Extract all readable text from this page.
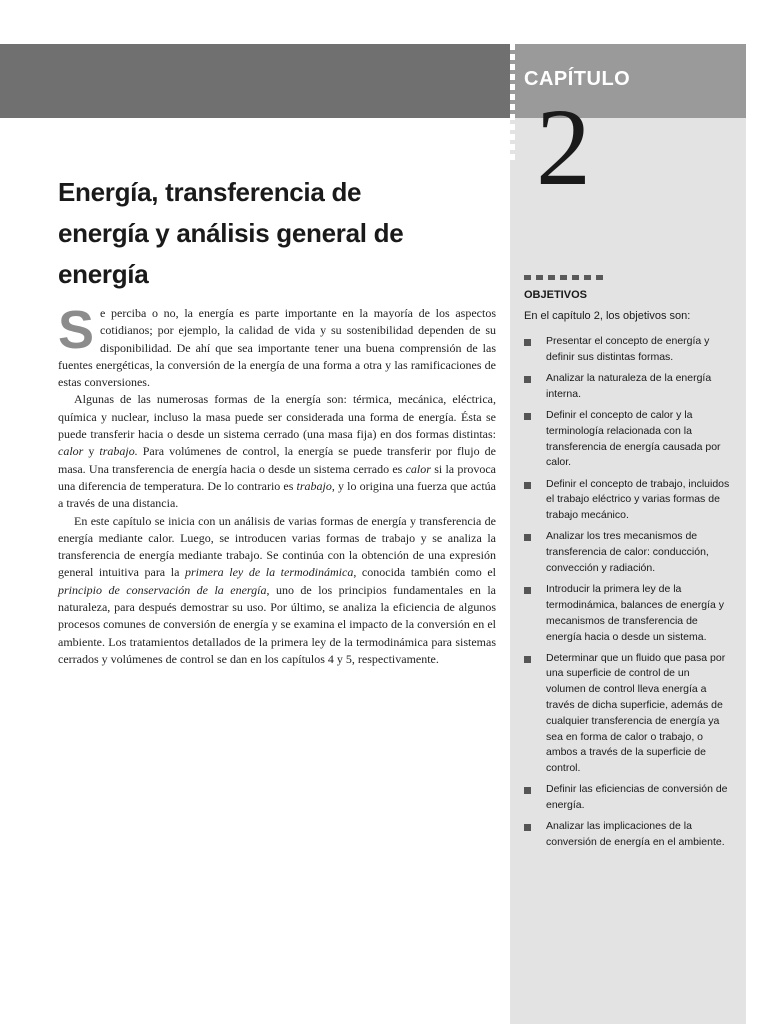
CAPÍTULO
2
OBJETIVOS
En el capítulo 2, los objetivos son:
Presentar el concepto de energía y definir sus distintas formas.
Analizar la naturaleza de la energía interna.
Definir el concepto de calor y la terminología relacionada con la transferencia de energía causada por calor.
Definir el concepto de trabajo, incluidos el trabajo eléctrico y varias formas de trabajo mecánico.
Analizar los tres mecanismos de transferencia de calor: conducción, convección y radiación.
Introducir la primera ley de la termodinámica, balances de energía y mecanismos de transferencia de energía hacia o desde un sistema.
Determinar que un fluido que pasa por una superficie de control de un volumen de control lleva energía a través de dicha superficie, además de cualquier transferencia de energía ya sea en forma de calor o trabajo, o ambos a través de la superficie de control.
Definir las eficiencias de conversión de energía.
Analizar las implicaciones de la conversión de energía en el ambiente.
Energía, transferencia de energía y análisis general de energía

Se perciba o no, la energía es parte importante en la mayoría de los aspectos cotidianos; por ejemplo, la calidad de vida y su sostenibilidad dependen de su disponibilidad. De ahí que sea importante tener una buena comprensión de las fuentes energéticas, la conversión de la energía de una forma a otra y las ramificaciones de estas conversiones.

Algunas de las numerosas formas de la energía son: térmica, mecánica, eléctrica, química y nuclear, incluso la masa puede ser considerada una forma de energía. Ésta se puede transferir hacia o desde un sistema cerrado (una masa fija) en dos formas distintas: calor y trabajo. Para volúmenes de control, la energía se puede transferir por flujo de masa. Una transferencia de energía hacia o desde un sistema cerrado es calor si la provoca una diferencia de temperatura. De lo contrario es trabajo, y lo origina una fuerza que actúa a través de una distancia.

En este capítulo se inicia con un análisis de varias formas de energía y transferencia de energía mediante calor. Luego, se introducen varias formas de trabajo y se analiza la transferencia de energía mediante trabajo. Se continúa con la obtención de una expresión general intuitiva para la primera ley de la termodinámica, conocida también como el principio de conservación de la energía, uno de los principios fundamentales en la naturaleza, para después demostrar su uso. Por último, se analiza la eficiencia de algunos procesos comunes de conversión de energía y se examina el impacto de la conversión en el ambiente. Los tratamientos detallados de la primera ley de la termodinámica para sistemas cerrados y volúmenes de control se dan en los capítulos 4 y 5, respectivamente.
